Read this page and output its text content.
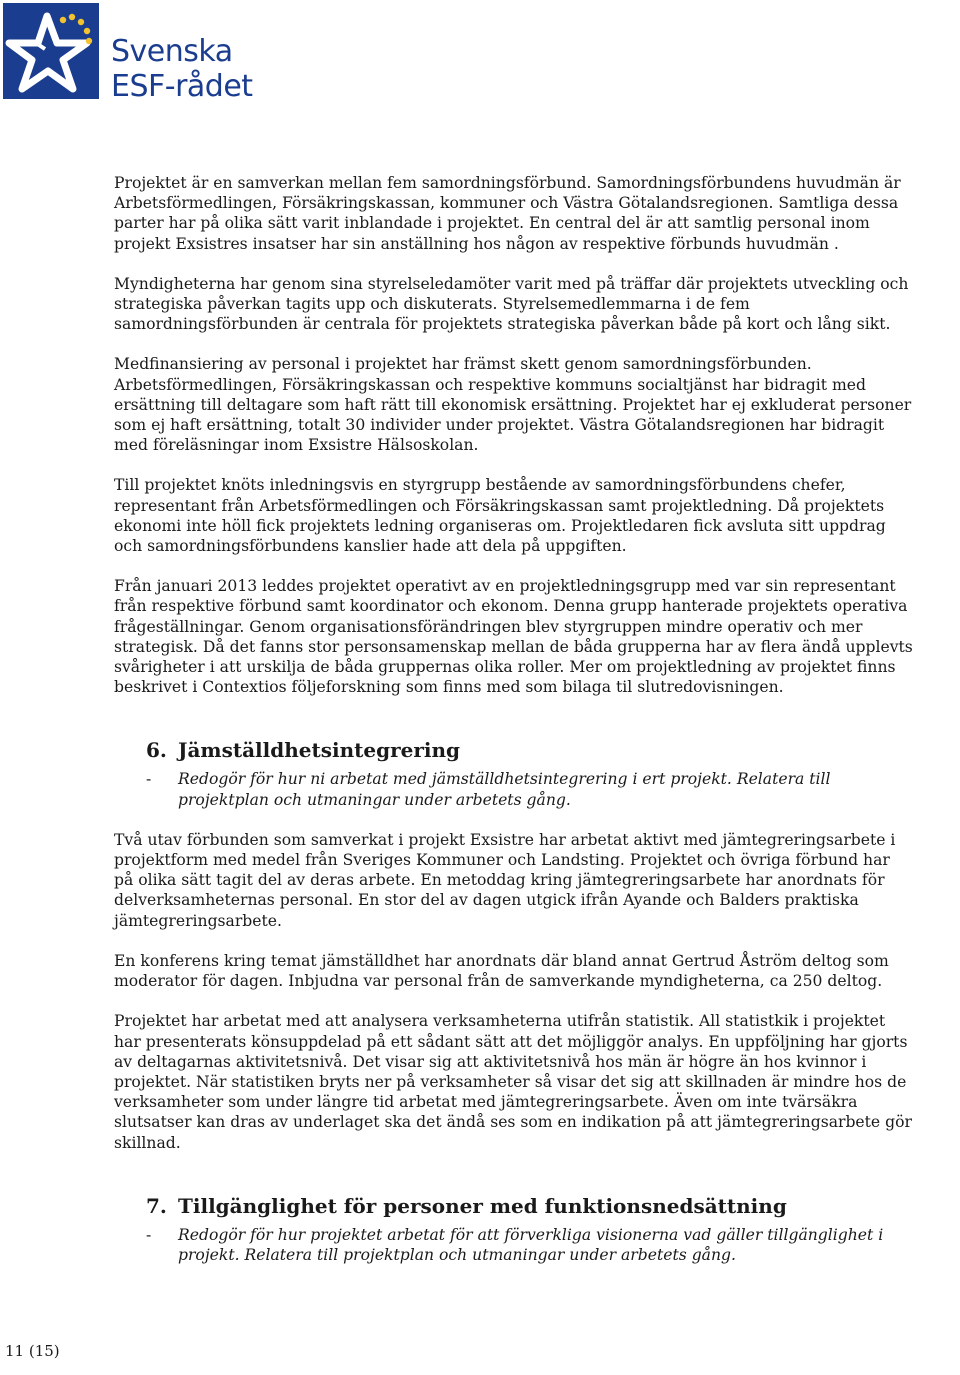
Svenska
ESF-rådet

Projektet är en samverkan mellan fem samordningsförbund. Samordningsförbundens huvudmän är Arbetsförmedlingen, Försäkringskassan, kommuner och Västra Götalandsregionen. Samtliga dessa parter har på olika sätt varit inblandade i projektet. En central del är att samtlig personal inom projekt Exsistres insatser har sin anställning hos någon av respektive förbunds huvudmän .

Myndigheterna har genom sina styrelseledamöter varit med på träffar där projektets utveckling och strategiska påverkan tagits upp och diskuterats. Styrelsemedlemmarna i de fem samordningsförbunden är centrala för projektets strategiska påverkan både på kort och lång sikt.

Medfinansiering av personal i projektet har främst skett genom samordningsförbunden. Arbetsförmedlingen, Försäkringskassan och respektive kommuns socialtjänst har bidragit med ersättning till deltagare som haft rätt till ekonomisk ersättning. Projektet har ej exkluderat personer som ej haft ersättning, totalt 30 individer under projektet. Västra Götalandsregionen har bidragit med föreläsningar inom Exsistre Hälsoskolan.

Till projektet knöts inledningsvis en styrgrupp bestående av samordningsförbundens chefer, representant från Arbetsförmedlingen och Försäkringskassan samt projektledning. Då projektets ekonomi inte höll fick projektets ledning organiseras om. Projektledaren fick avsluta sitt uppdrag och samordningsförbundens kanslier hade att dela på uppgiften.

Från januari 2013 leddes projektet operativt av en projektledningsgrupp med var sin representant från respektive förbund samt koordinator och ekonom. Denna grupp hanterade projektets operativa frågeställningar. Genom organisationsförändringen blev styrgruppen mindre operativ och mer strategisk. Då det fanns stor personsamenskap mellan de båda grupperna har av flera ändå upplevts svårigheter i att urskilja de båda gruppernas olika roller. Mer om projektledning av projektet finns beskrivet i Contextios följeforskning som finns med som bilaga til slutredovisningen.

6. Jämställdhetsintegrering
- Redogör för hur ni arbetat med jämställdhetsintegrering i ert projekt. Relatera till projektplan och utmaningar under arbetets gång.

Två utav förbunden som samverkat i projekt Exsistre har arbetat aktivt med jämtegreringsarbete i projektform med medel från Sveriges Kommuner och Landsting. Projektet och övriga förbund har på olika sätt tagit del av deras arbete. En metoddag kring jämtegreringsarbete har anordnats för delverksamheternas personal. En stor del av dagen utgick ifrån Ayande och Balders praktiska jämtegreringsarbete.

En konferens kring temat jämställdhet har anordnats där bland annat Gertrud Åström deltog som moderator för dagen. Inbjudna var personal från de samverkande myndigheterna, ca 250 deltog.

Projektet har arbetat med att analysera verksamheterna utifrån statistik. All statistkik i projektet har presenterats könsuppdelad på ett sådant sätt att det möjliggör analys. En uppföljning har gjorts av deltagarnas aktivitetsnivå. Det visar sig att aktivitetsnivå hos män är högre än hos kvinnor i projektet. När statistiken bryts ner på verksamheter så visar det sig att skillnaden är mindre hos de verksamheter som under längre tid arbetat med jämtegreringsarbete. Även om inte tvärsäkra slutsatser kan dras av underlaget ska det ändå ses som en indikation på att jämtegreringsarbete gör skillnad.

7. Tillgänglighet för personer med funktionsnedsättning
- Redogör för hur projektet arbetat för att förverkliga visionerna vad gäller tillgänglighet i projekt. Relatera till projektplan och utmaningar under arbetets gång.
11 (15)
